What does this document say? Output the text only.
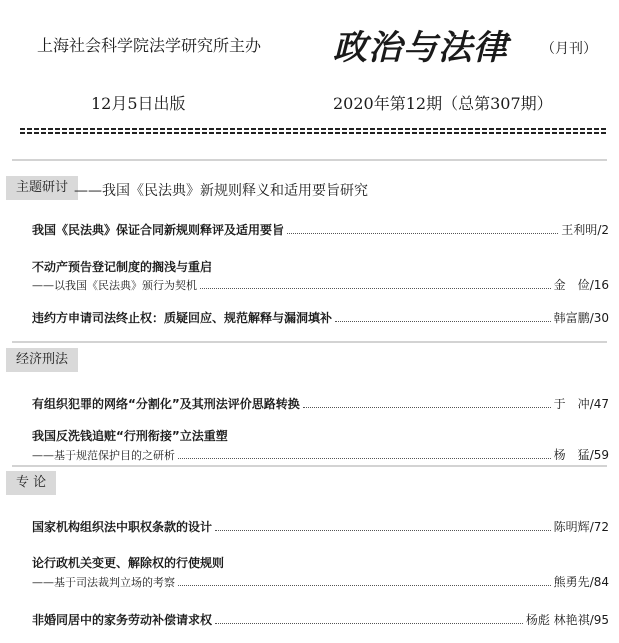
上海社会科学院法学研究所主办 政治与法律 （月刊）
12月5日出版	2020年第12期（总第307期）
主题研讨 ——我国《民法典》新规则释义和适用要旨研究
我国《民法典》保证合同新规则释评及适用要旨	王利明 /2
不动产预告登记制度的搁浅与重启
——以我国《民法典》颁行为契机	金　俭 /16
违约方申请司法终止权：质疑回应、规范解释与漏洞填补	韩富鹏 /30
经济刑法
有组织犯罪的网络“分割化”及其刑法评价思路转换	于　冲 /47
我国反洗钱追赃“行刑衔接”立法重塑
——基于规范保护目的之研析	杨　猛 /59
专 论
国家机构组织法中职权条款的设计	陈明辉 /72
论行政机关变更、解除权的行使规则
——基于司法裁判立场的考察	熊勇先 /84
非婚同居中的家务劳动补偿请求权	杨彪 林艳祺 /95
